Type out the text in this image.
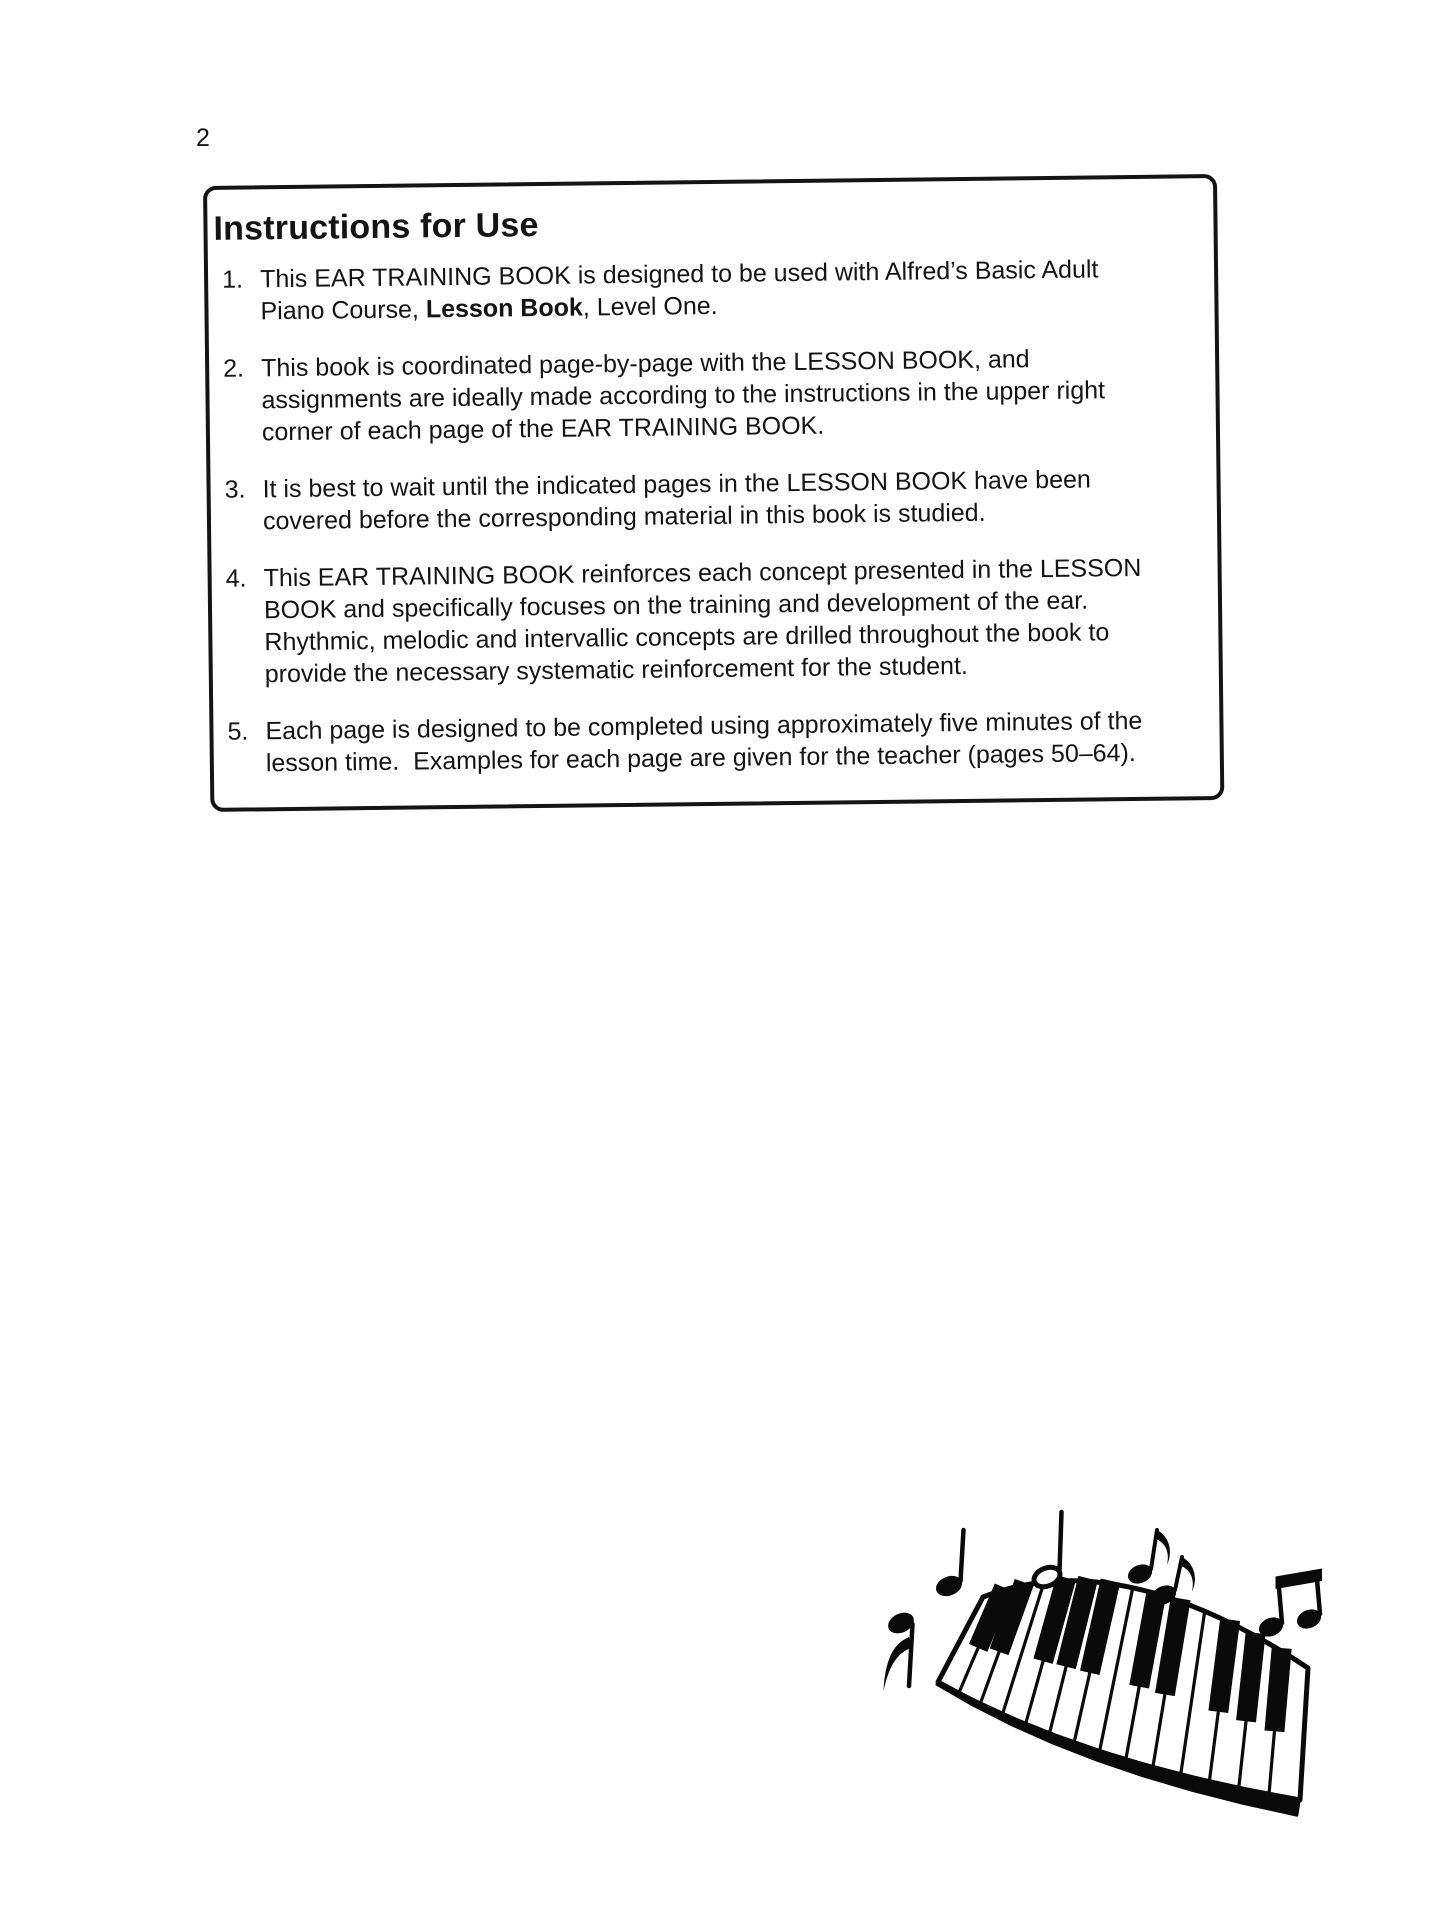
2
Instructions for Use
1. This EAR TRAINING BOOK is designed to be used with Alfred’s Basic Adult
Piano Course, Lesson Book, Level One.

2. This book is coordinated page-by-page with the LESSON BOOK, and
assignments are ideally made according to the instructions in the upper right
corner of each page of the EAR TRAINING BOOK.

3. It is best to wait until the indicated pages in the LESSON BOOK have been
covered before the corresponding material in this book is studied.

4. This EAR TRAINING BOOK reinforces each concept presented in the LESSON
BOOK and specifically focuses on the training and development of the ear.
Rhythmic, melodic and intervallic concepts are drilled throughout the book to
provide the necessary systematic reinforcement for the student.

5. Each page is designed to be completed using approximately five minutes of the
lesson time.  Examples for each page are given for the teacher (pages 50–64).
